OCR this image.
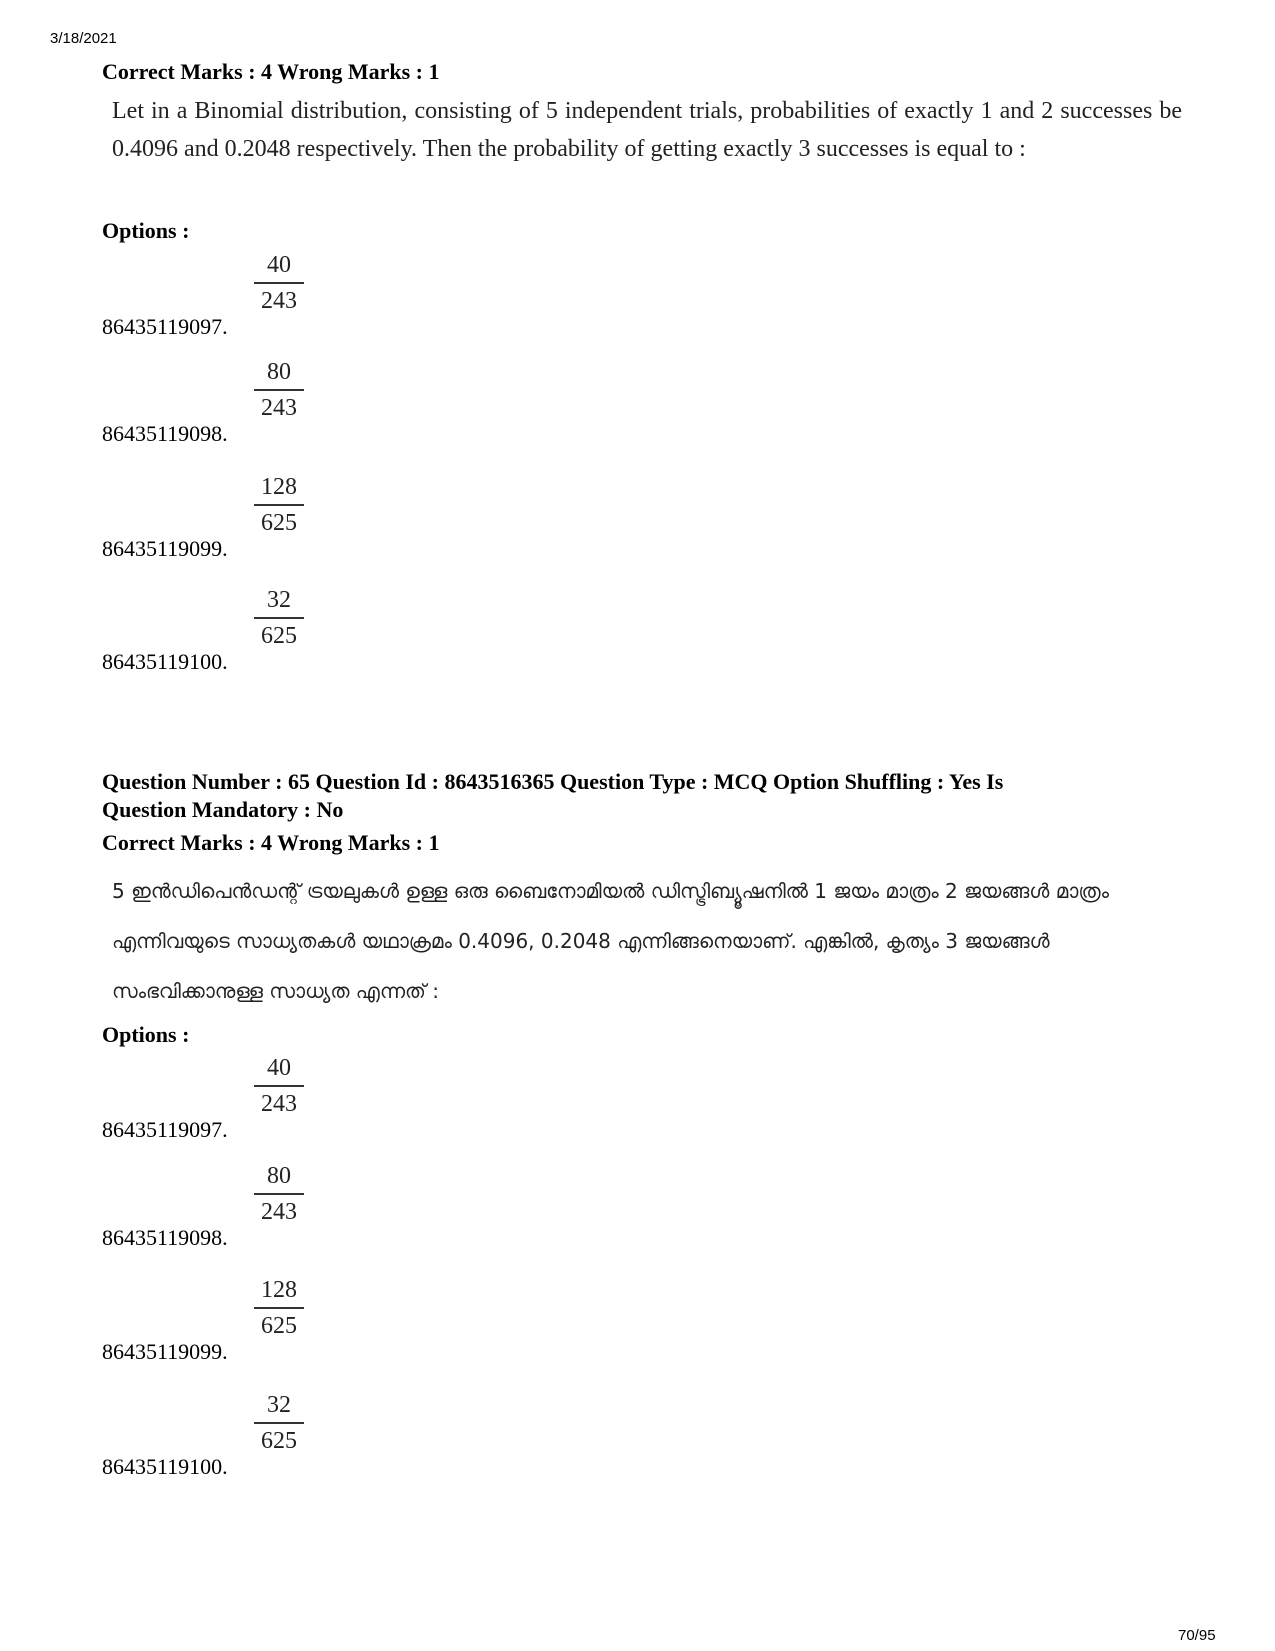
3/18/2021
Correct Marks : 4 Wrong Marks : 1
Let in a Binomial distribution, consisting of 5 independent trials, probabilities of exactly 1 and 2 successes be 0.4096 and 0.2048 respectively. Then the probability of getting exactly 3 successes is equal to :
Options :
$\frac{40}{243}$
86435119097.
$\frac{80}{243}$
86435119098.
$\frac{128}{625}$
86435119099.
$\frac{32}{625}$
86435119100.
Question Number : 65 Question Id : 8643516365 Question Type : MCQ Option Shuffling : Yes Is
Question Mandatory : No
Correct Marks : 4 Wrong Marks : 1
5 ഇൻഡിപെൻഡന്റ് ട്രയലുകൾ ഉള്ള ഒരു ബൈനോമിയൽ ഡിസ്ട്രിബ്യൂഷനിൽ 1 ജയം മാത്രം 2 ജയങ്ങൾ മാത്രം എന്നിവയുടെ സാധ്യതകൾ യഥാക്രമം 0.4096, 0.2048 എന്നിങ്ങനെയാണ്. എങ്കിൽ, കൃത്യം 3 ജയങ്ങൾ സംഭവിക്കാനുള്ള സാധ്യത എന്നത് :
Options :
$\frac{40}{243}$
86435119097.
$\frac{80}{243}$
86435119098.
$\frac{128}{625}$
86435119099.
$\frac{32}{625}$
86435119100.
70/95
